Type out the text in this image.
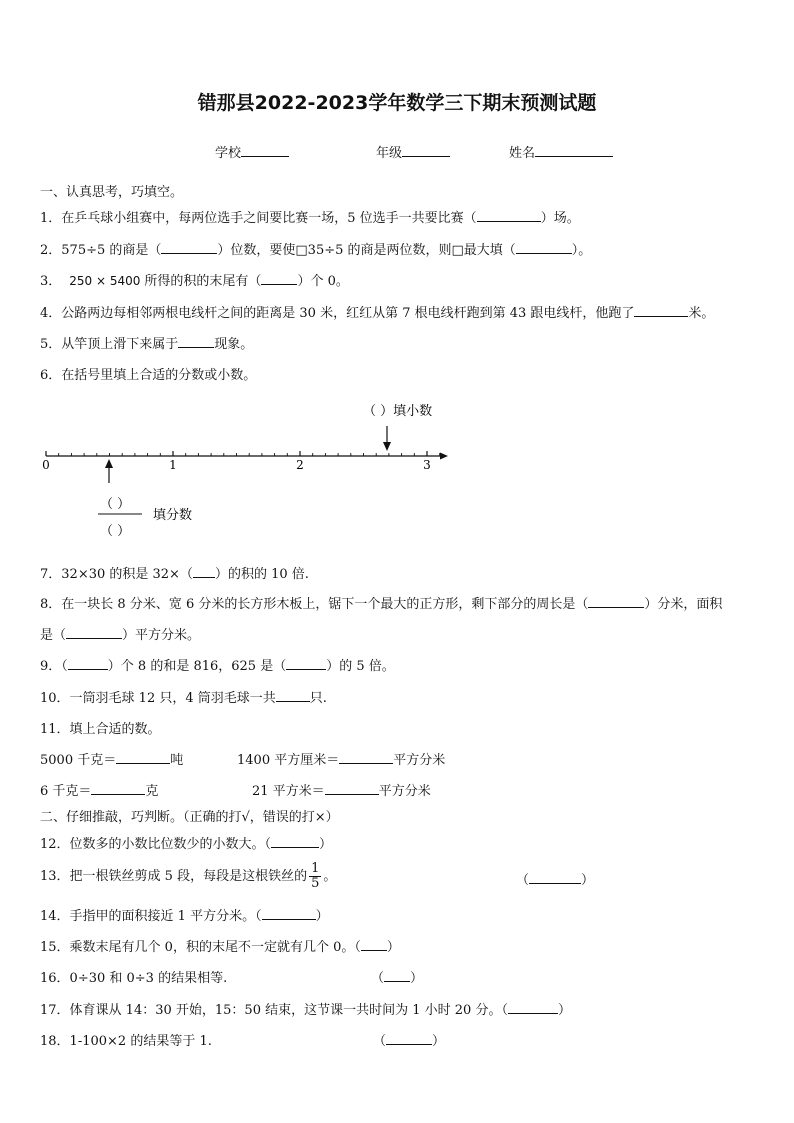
错那县2022-2023学年数学三下期末预测试题
学校	年级	姓名
一、认真思考，巧填空。
1．在乒乓球小组赛中，每两位选手之间要比赛一场，5 位选手一共要比赛（	）场。
2．575÷5 的商是（	）位数，要使□35÷5 的商是两位数，则□最大填（	）。
3． 250 × 5400 所得的积的末尾有（	）个 0。
4．公路两边每相邻两根电线杆之间的距离是 30 米，红红从第 7 根电线杆跑到第 43 跟电线杆，他跑了	米。
5．从竿顶上滑下来属于	现象。
6．在括号里填上合适的分数或小数。
0	1	2	3
（ ）填小数
（ ）
（ ）
填分数
7．32×30 的积是 32×（ ）的积的 10 倍.
8．在一块长 8 分米、宽 6 分米的长方形木板上，锯下一个最大的正方形，剩下部分的周长是（	）分米，面积
是（	）平方分米。
9．（	）个 8 的和是 816，625 是（	）的 5 倍。
10．一筒羽毛球 12 只，4 筒羽毛球一共	只.
11．填上合适的数。
5000 千克＝	吨	1400 平方厘米＝	平方分米
6 千克＝	克	21 平方米＝	平方分米
二、仔细推敲，巧判断。（正确的打√，错误的打×）
12．位数多的小数比位数少的小数大。（	）
13．把一根铁丝剪成 5 段，每段是这根铁丝的 $\frac{1}{5}$ 。	（	）
14．手指甲的面积接近 1 平方分米。（	）
15．乘数末尾有几个 0，积的末尾不一定就有几个 0。（ ）
16．0÷30 和 0÷3 的结果相等.	（ ）
17．体育课从 14：30 开始，15：50 结束，这节课一共时间为 1 小时 20 分。（	）
18．1-100×2 的结果等于 1.	（	）
